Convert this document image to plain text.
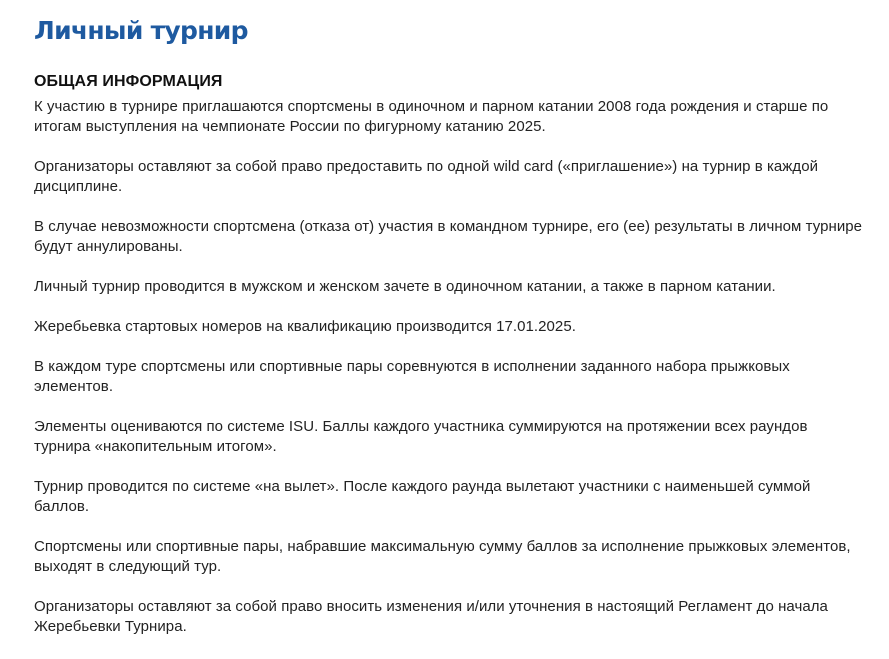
Личный турнир
ОБЩАЯ ИНФОРМАЦИЯ

К участию в турнире приглашаются спортсмены в одиночном и парном катании 2008 года рождения и старше по итогам выступления на чемпионате России по фигурному катанию 2025.

Организаторы оставляют за собой право предоставить по одной wild card («приглашение») на турнир в каждой дисциплине.

В случае невозможности спортсмена (отказа от) участия в командном турнире, его (ее) результаты в личном турнире будут аннулированы.

Личный турнир проводится в мужском и женском зачете в одиночном катании, а также в парном катании.

Жеребьевка стартовых номеров на квалификацию производится 17.01.2025.

В каждом туре спортсмены или спортивные пары соревнуются в исполнении заданного набора прыжковых элементов.

Элементы оцениваются по системе ISU. Баллы каждого участника суммируются на протяжении всех раундов турнира «накопительным итогом».

Турнир проводится по системе «на вылет». После каждого раунда вылетают участники с наименьшей суммой баллов.

Спортсмены или спортивные пары, набравшие максимальную сумму баллов за исполнение прыжковых элементов, выходят в следующий тур.

Организаторы оставляют за собой право вносить изменения и/или уточнения в настоящий Регламент до начала Жеребьевки Турнира.
